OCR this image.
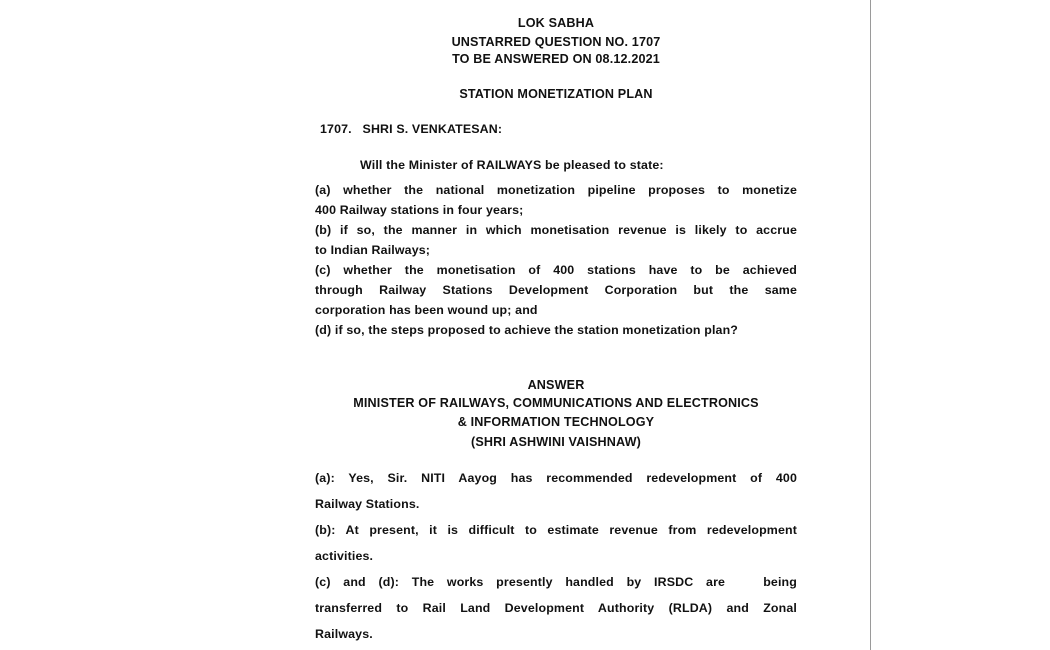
LOK SABHA
UNSTARRED QUESTION NO. 1707
TO BE ANSWERED ON 08.12.2021
STATION MONETIZATION PLAN
1707.   SHRI S. VENKATESAN:
Will the Minister of RAILWAYS be pleased to state:
(a) whether the national monetization pipeline proposes to monetize
400 Railway stations in four years;
(b) if so, the manner in which monetisation revenue is likely to accrue
to Indian Railways;
(c) whether the monetisation of 400 stations have to be achieved
through Railway Stations Development Corporation but the same
corporation has been wound up; and
(d) if so, the steps proposed to achieve the station monetization plan?
ANSWER
MINISTER OF RAILWAYS, COMMUNICATIONS AND ELECTRONICS
& INFORMATION TECHNOLOGY
(SHRI ASHWINI VAISHNAW)
(a): Yes, Sir. NITI Aayog has recommended redevelopment of 400
Railway Stations.
(b): At present, it is difficult to estimate revenue from redevelopment
activities.
(c) and (d): The works presently handled by IRSDC are   being
transferred to Rail Land Development Authority (RLDA) and Zonal
Railways.
